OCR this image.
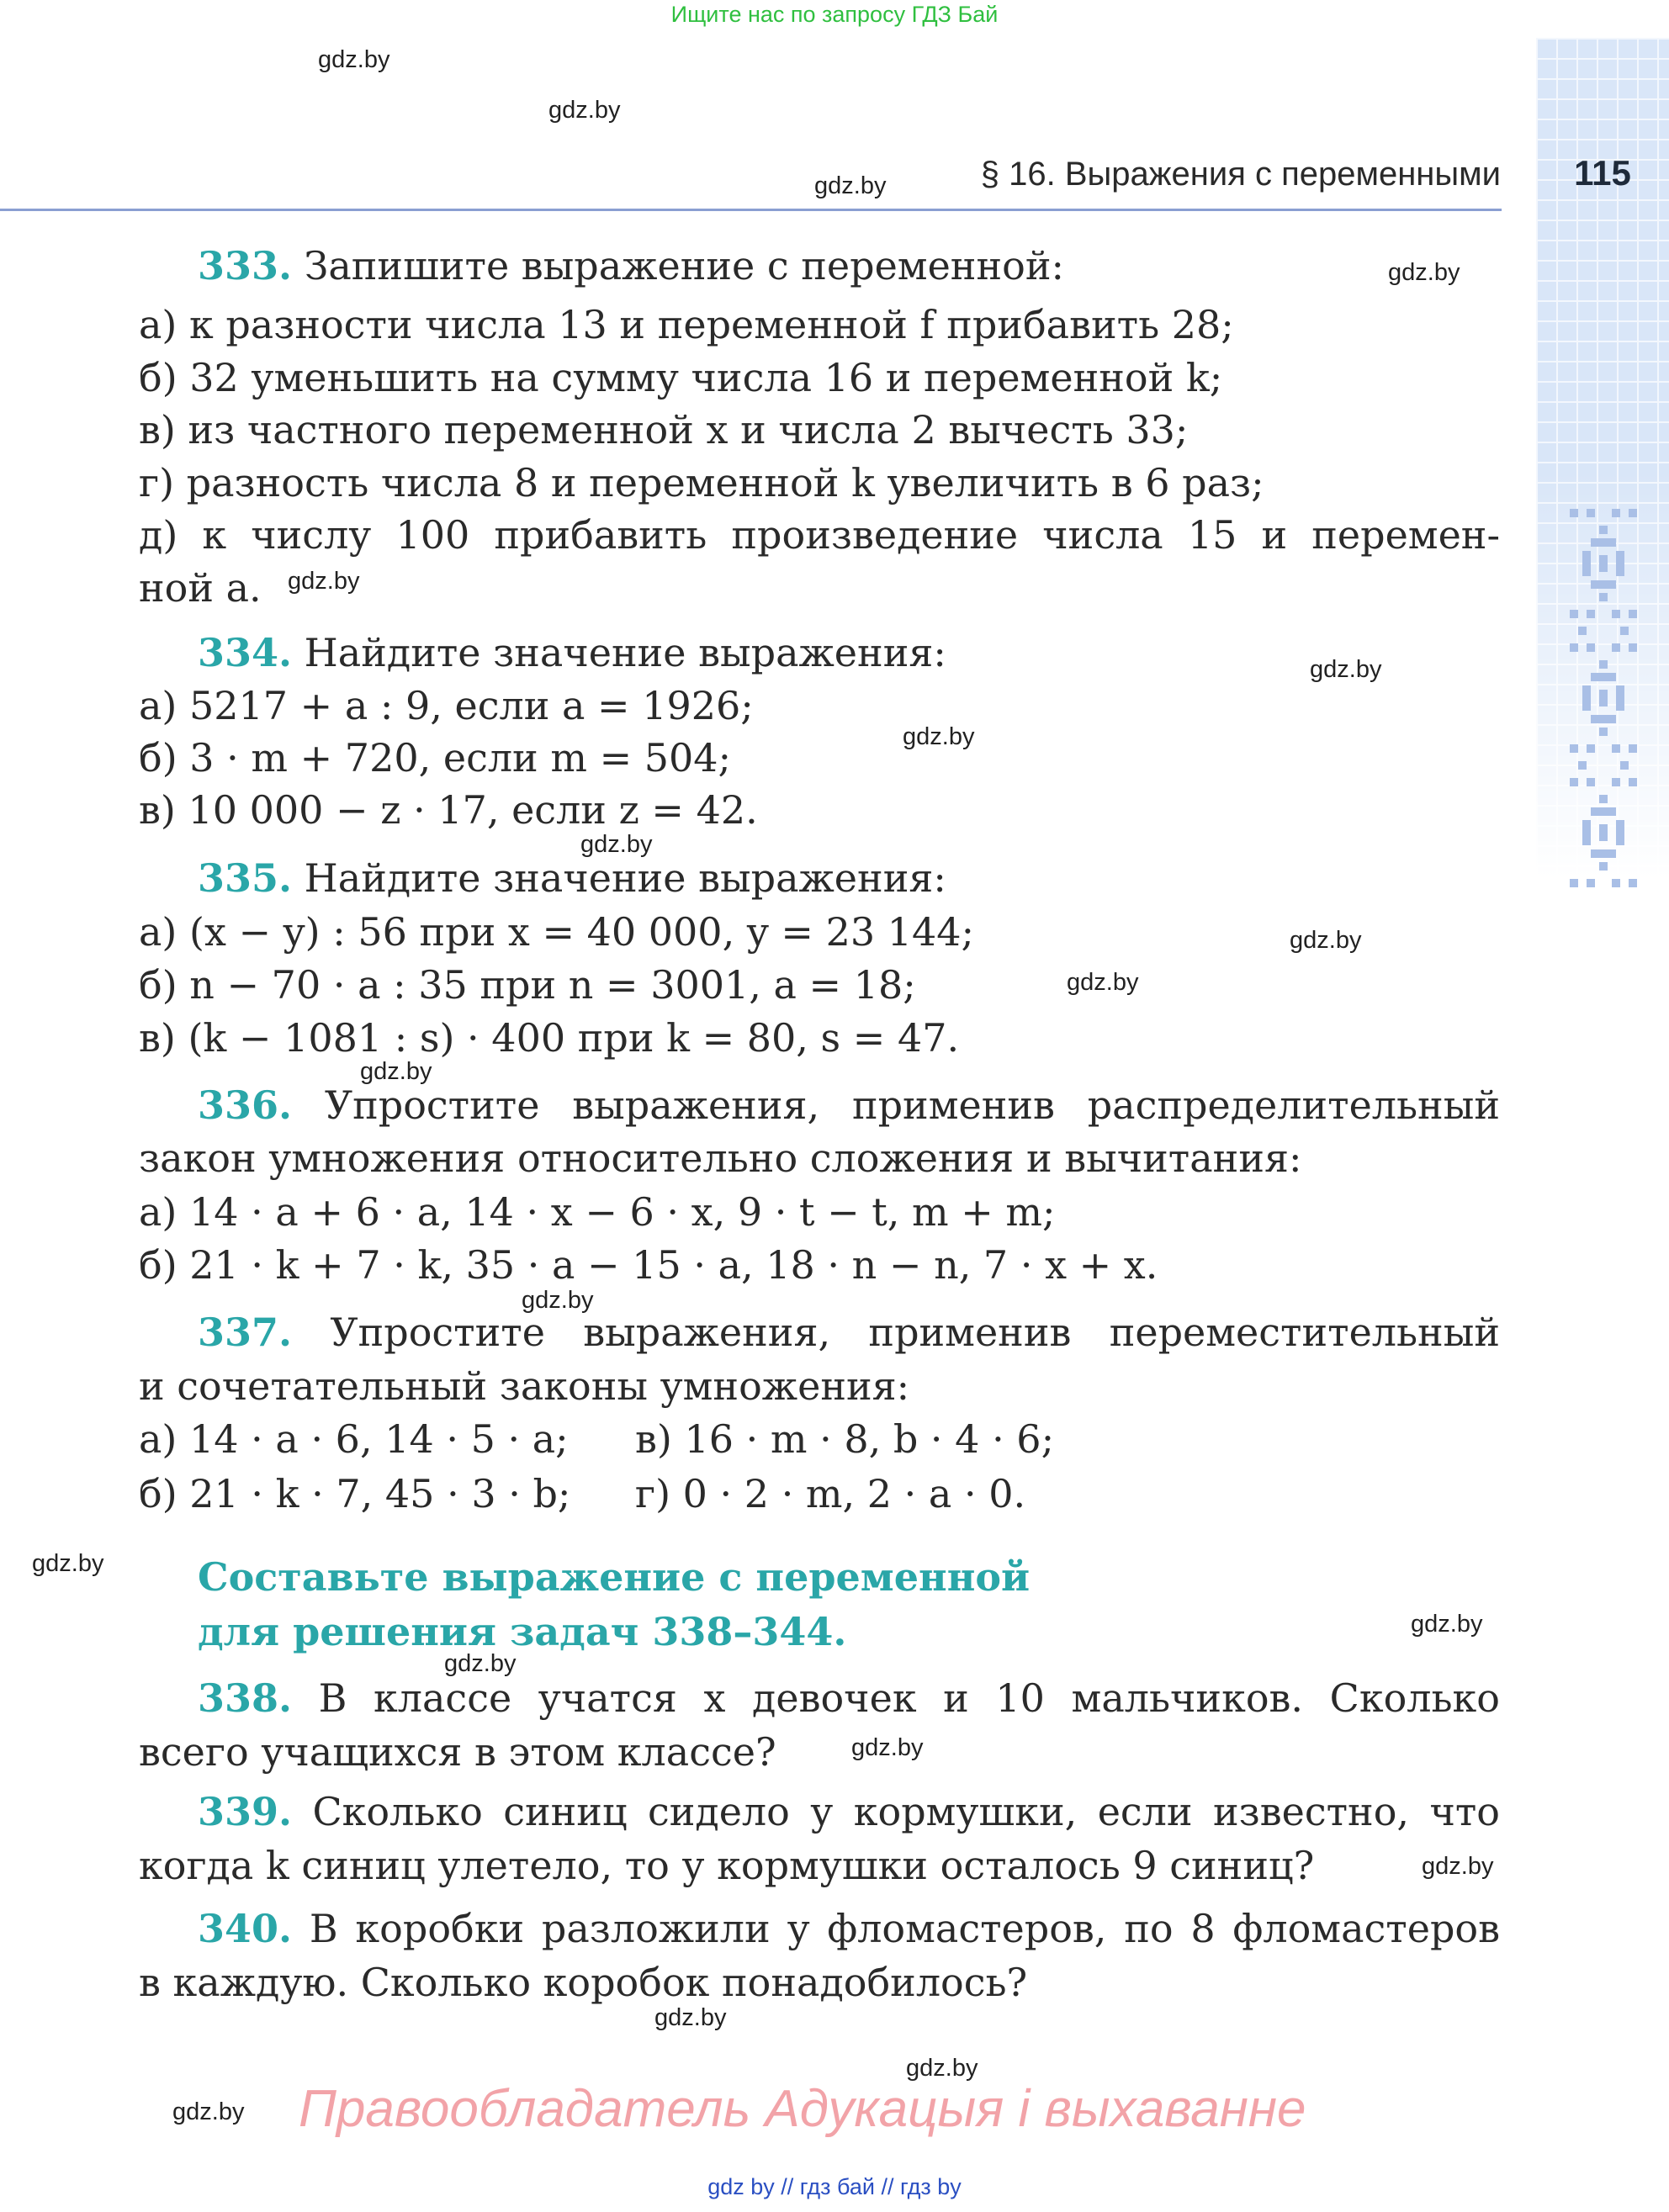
Ищите нас по запросу ГДЗ Бай
115
§ 16. Выражения с переменными
gdz.by
gdz.by
gdz.by
gdz.by
gdz.by
gdz.by
gdz.by
gdz.by
gdz.by
gdz.by
gdz.by
gdz.by
gdz.by
gdz.by
gdz.by
gdz.by
gdz.by
gdz.by
gdz.by
gdz.by
333. Запишите выражение с переменной:
а) к разности числа 13 и переменной f прибавить 28;
б) 32 уменьшить на сумму числа 16 и переменной k;
в) из частного переменной x и числа 2 вычесть 33;
г) разность числа 8 и переменной k увеличить в 6 раз;
д) к числу 100 прибавить произведение числа 15 и перемен-
ной a.
334. Найдите значение выражения:
а) 5217 + a : 9, если a = 1926;
б) 3 · m + 720, если m = 504;
в) 10 000 − z · 17, если z = 42.
335. Найдите значение выражения:
а) (x − y) : 56 при x = 40 000, y = 23 144;
б) n − 70 · a : 35 при n = 3001, a = 18;
в) (k − 1081 : s) · 400 при k = 80, s = 47.
336. Упростите выражения, применив распределительный
закон умножения относительно сложения и вычитания:
а) 14 · a + 6 · a, 14 · x − 6 · x, 9 · t − t, m + m;
б) 21 · k + 7 · k, 35 · a − 15 · a, 18 · n − n, 7 · x + x.
337. Упростите выражения, применив переместительный
и сочетательный законы умножения:
а) 14 · a · 6, 14 · 5 · a; в) 16 · m · 8, b · 4 · 6;
б) 21 · k · 7, 45 · 3 · b; г) 0 · 2 · m, 2 · a · 0.
Составьте выражение с переменной
для решения задач 338–344.
338. В классе учатся x девочек и 10 мальчиков. Сколько
всего учащихся в этом классе?
339. Сколько синиц сидело у кормушки, если известно, что
когда k синиц улетело, то у кормушки осталось 9 синиц?
340. В коробки разложили y фломастеров, по 8 фломастеров
в каждую. Сколько коробок понадобилось?
Правообладатель Адукацыя і выхаванне
gdz by // гдз бай // гдз by
